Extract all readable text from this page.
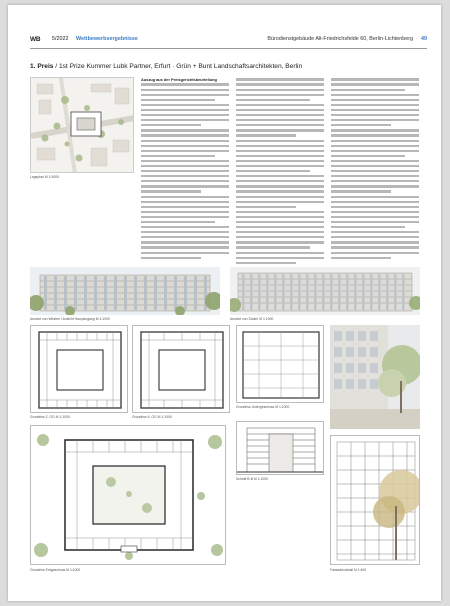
WB 5/2022 Wettbewerbsergebnisse	Bürodienstgebäude Alt-Friedrichsfelde 60, Berlin-Lichtenberg 49
1. Preis / 1st Prize Kummer Lubk Partner, Erfurt · Grün + Bunt Landschaftsarchitekten, Berlin
Lageplan M 1:5000
Auszug aus der Preisgerichtsbeurteilung
Ansicht von Westen / Ansicht Hauptzugang M 1:1000	Ansicht von Süden M 1:1000
Grundriss 2. OG M 1:1000	Grundriss 6. OG M 1:1000
Grundriss Untergeschoss M 1:1000
Schnitt B-B M 1:1000
Grundriss Erdgeschoss M 1:1000	Fassadendetail M 1:400
